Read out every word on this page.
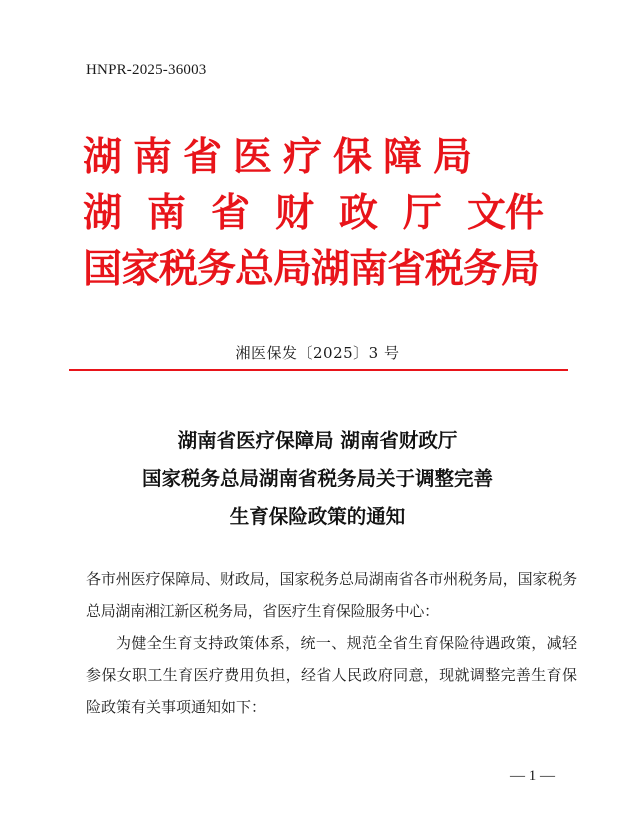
HNPR-2025-36003
湖南省医疗保障局
湖南省财政厅 文件
国家税务总局湖南省税务局
湘医保发〔2025〕3 号
湖南省医疗保障局 湖南省财政厅
国家税务总局湖南省税务局关于调整完善
生育保险政策的通知
各市州医疗保障局、财政局，国家税务总局湖南省各市州税务局，国家税务总局湖南湘江新区税务局，省医疗生育保险服务中心：
为健全生育支持政策体系，统一、规范全省生育保险待遇政策，减轻参保女职工生育医疗费用负担，经省人民政府同意，现就调整完善生育保险政策有关事项通知如下：
— 1 —
